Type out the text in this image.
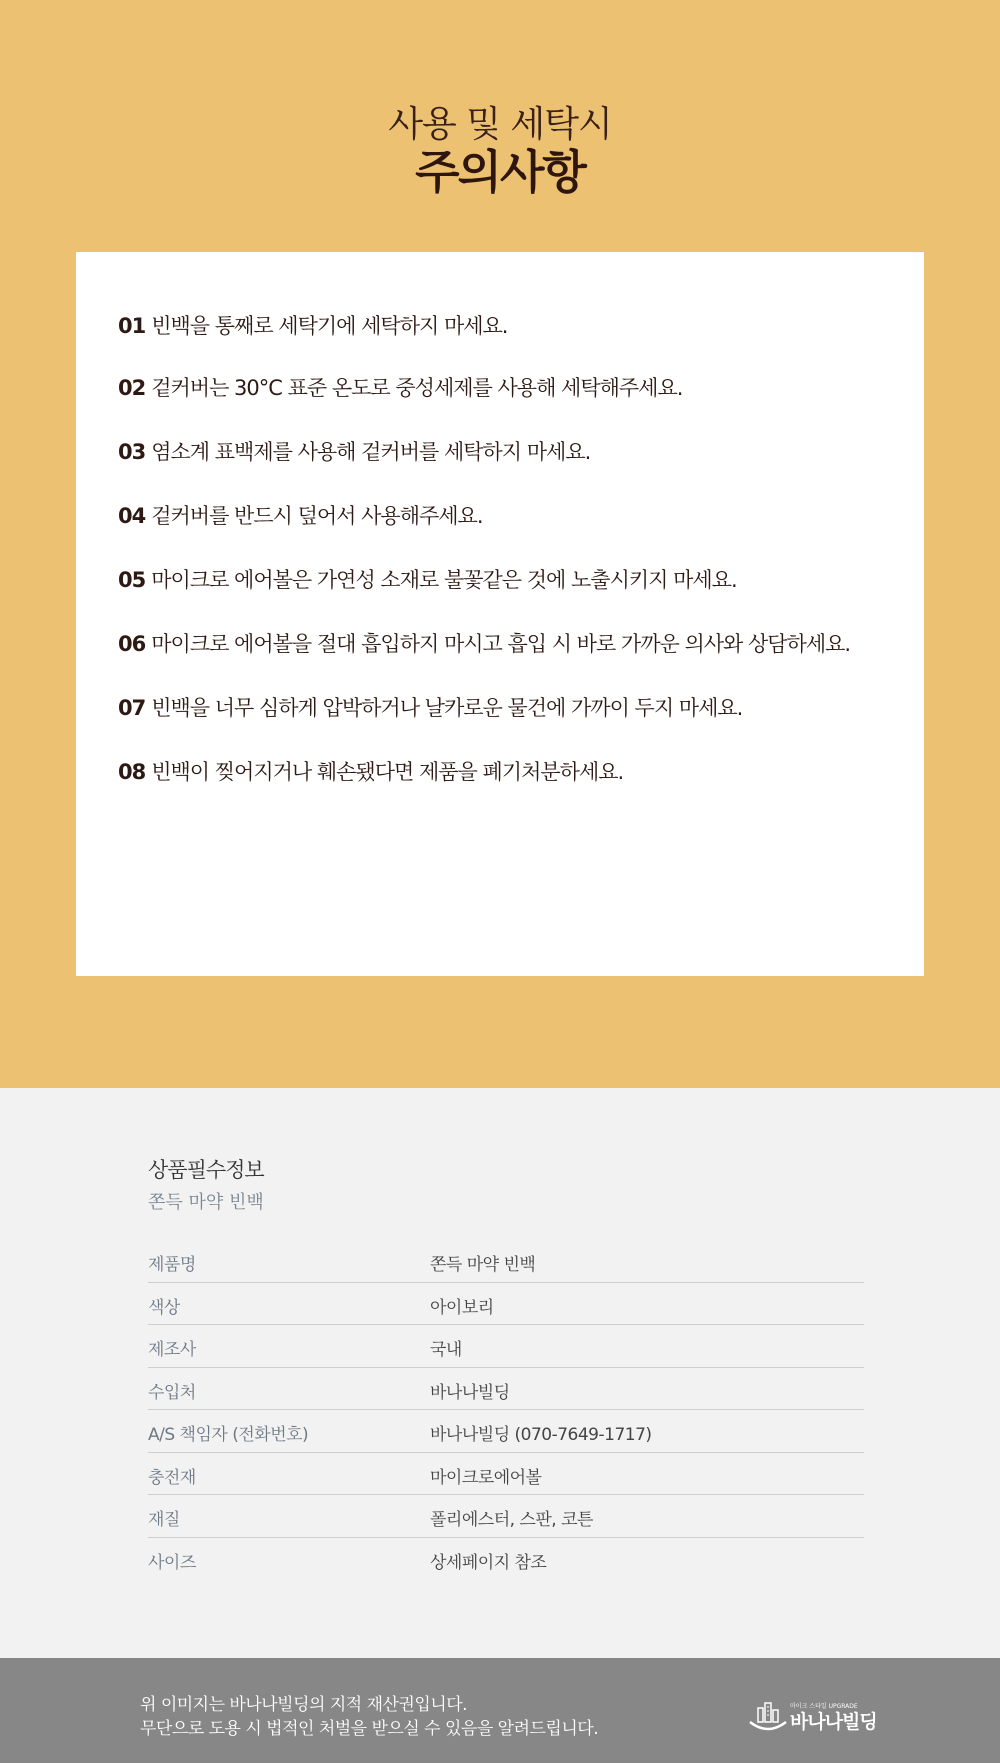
사용 및 세탁시
주의사항
01 빈백을 통째로 세탁기에 세탁하지 마세요.
02 겉커버는 30°C 표준 온도로 중성세제를 사용해 세탁해주세요.
03 염소계 표백제를 사용해 겉커버를 세탁하지 마세요.
04 겉커버를 반드시 덮어서 사용해주세요.
05 마이크로 에어볼은 가연성 소재로 불꽃같은 것에 노출시키지 마세요.
06 마이크로 에어볼을 절대 흡입하지 마시고 흡입 시 바로 가까운 의사와 상담하세요.
07 빈백을 너무 심하게 압박하거나 날카로운 물건에 가까이 두지 마세요.
08 빈백이 찢어지거나 훼손됐다면 제품을 폐기처분하세요.
상품필수정보
쫀득 마약 빈백
제품명	쫀득 마약 빈백
색상	아이보리
제조사	국내
수입처	바나나빌딩
A/S 책임자 (전화번호)	바나나빌딩 (070-7649-1717)
충전재	마이크로에어볼
재질	폴리에스터, 스판, 코튼
사이즈	상세페이지 참조
위 이미지는 바나나빌딩의 지적 재산권입니다.
무단으로 도용 시 법적인 처벌을 받으실 수 있음을 알려드립니다.
마이크 스타일 UPGRADE
바나나빌딩
